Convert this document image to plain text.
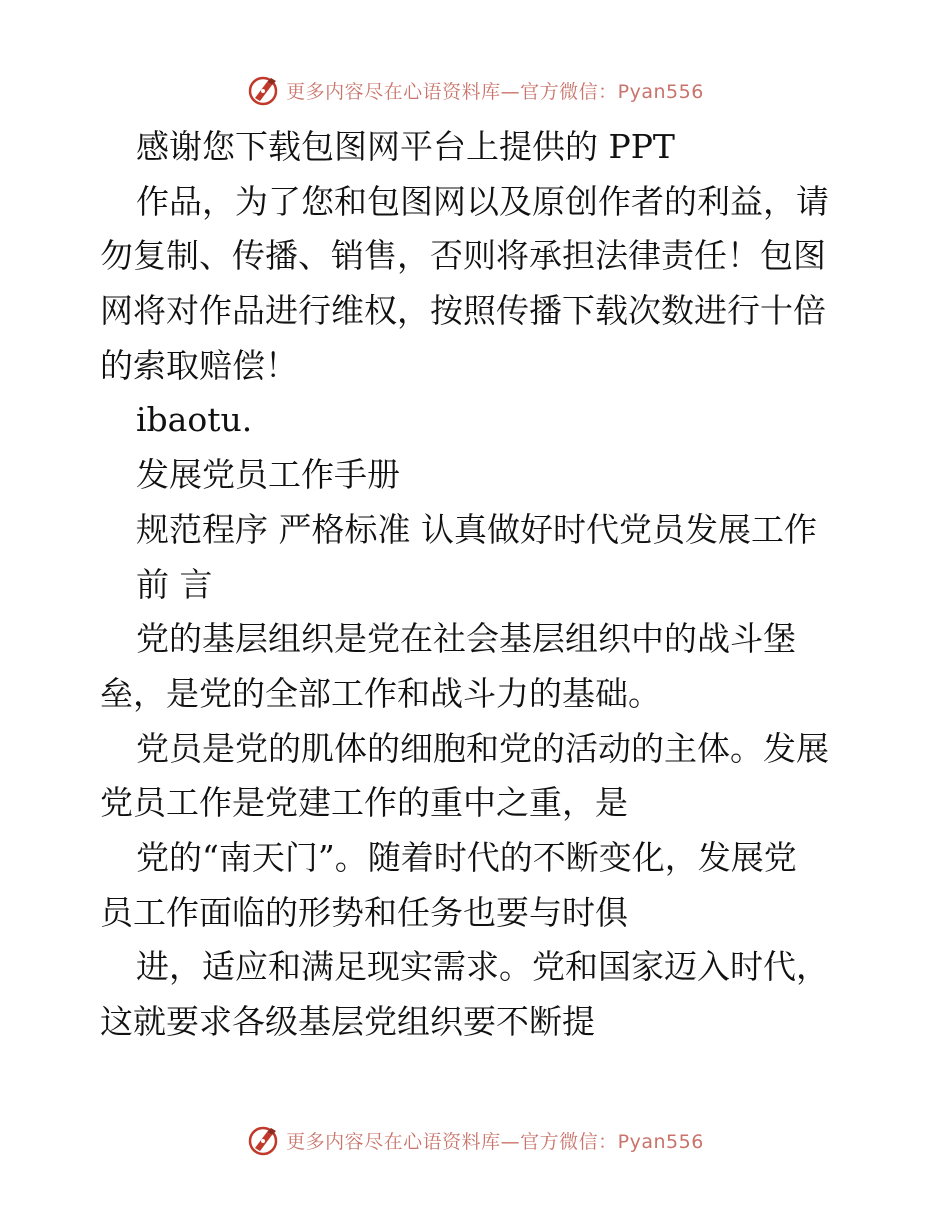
更多内容尽在心语资料库—官方微信：Pyan556
感谢您下载包图网平台上提供的 PPT
作品，为了您和包图网以及原创作者的利益，请
勿复制、传播、销售，否则将承担法律责任！包图
网将对作品进行维权，按照传播下载次数进行十倍
的索取赔偿！
ibaotu.
发展党员工作手册
规范程序 严格标准 认真做好时代党员发展工作
前 言
党的基层组织是党在社会基层组织中的战斗堡
垒，是党的全部工作和战斗力的基础。
党员是党的肌体的细胞和党的活动的主体。发展
党员工作是党建工作的重中之重，是
党的“南天门”。随着时代的不断变化，发展党
员工作面临的形势和任务也要与时俱
进，适应和满足现实需求。党和国家迈入时代，
这就要求各级基层党组织要不断提
更多内容尽在心语资料库—官方微信：Pyan556
